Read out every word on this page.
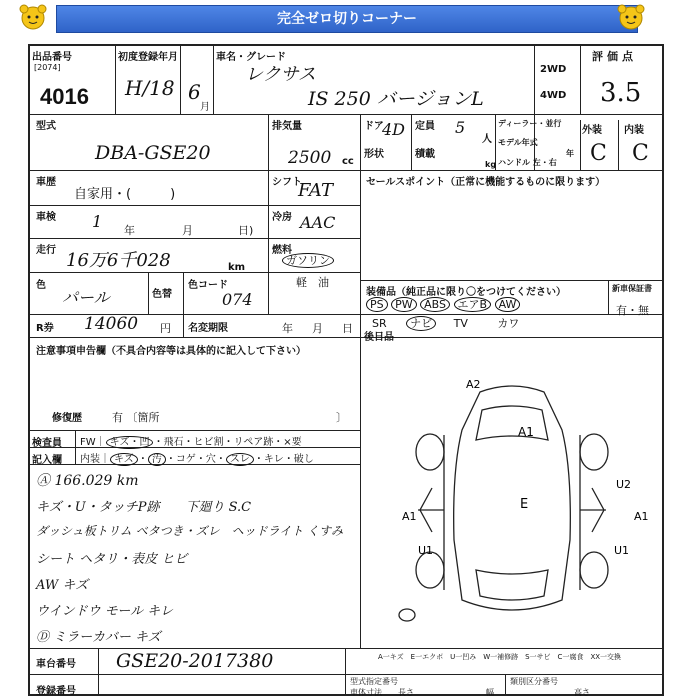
完全ゼロ切りコーナー
出品番号
[2074]
4016
初度登録年月
H/18 6
月
車名・グレード
レクサス
IS 250 バージョンL
2WD
4WD
評価点
3.5
型式
DBA-GSE20
排気量
2500 cc
ドア
4D
形状
定員 5
人
積載
kg
ディーラー・並行
モデル年式
年
ハンドル 左・右
外装 内装
C C
車歴
自家用・(　　　)
シフト
FAT	セールスポイント（正常に機能するものに限ります）
車検 1 年	月	日)
冷房 AAC
走行 16万6千028	km
燃料
ガソリン
軽　油
色
パール	色替
色コード
074	装備品（純正品に限り〇をつけてください）
PS PW ABS エアB AW
SR ナビ TV	カワ
新車保証書
有・無
R券 14060 円 名変期限	年 月 日
後日品
注意事項申告欄（不具合内容等は具体的に記入して下さい）
修復歴	有 〔箇所	〕
検査員
記入欄
FW｜ キズ・凹 ・飛石・ヒビ割・リペア跡・×要
内装｜ キズ ・ 汚 ・コゲ・穴・ スレ ・キレ・破し
Ⓐ 166.029 km
キズ・U・タッチP跡　　下廻り S.C
ダッシュ板トリム ベタつき・ズレ　ヘッドライト くすみ
シート ヘタリ・表皮 ヒビ
AW キズ
ウインドウ モール キレ
Ⓓ ミラーカバー キズ
A2
A1
E
U2
A1	A1
U1	U1
A一キズ　E一エクボ　U一凹み　W一補修跡　S一サビ　C一腐食　XX一交換
車台番号 GSE20-2017380
登録番号
型式指定番号	類別区分番号
車体寸法 長さ	幅	高さ
